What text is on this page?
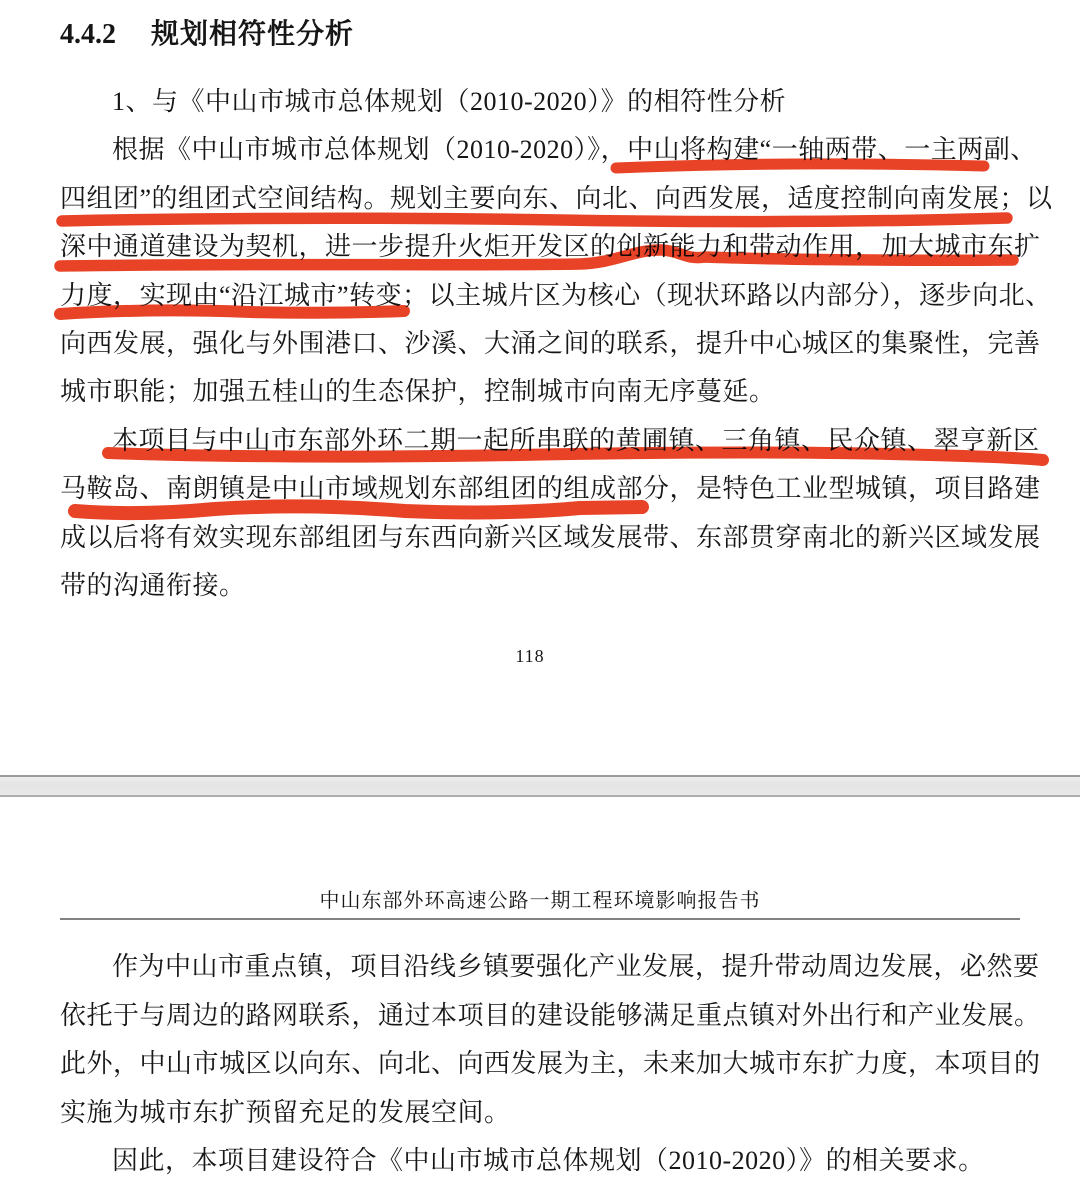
4.4.2 规划相符性分析
1、与《中山市城市总体规划（2010-2020）》的相符性分析
根据《中山市城市总体规划（2010-2020）》，中山将构建“一轴两带、一主两副、
四组团”的组团式空间结构。规划主要向东、向北、向西发展，适度控制向南发展；以
深中通道建设为契机，进一步提升火炬开发区的创新能力和带动作用，加大城市东扩
力度，实现由“沿江城市”转变；以主城片区为核心（现状环路以内部分），逐步向北、
向西发展，强化与外围港口、沙溪、大涌之间的联系，提升中心城区的集聚性，完善
城市职能；加强五桂山的生态保护，控制城市向南无序蔓延。
本项目与中山市东部外环二期一起所串联的黄圃镇、三角镇、民众镇、翠亨新区
马鞍岛、南朗镇是中山市域规划东部组团的组成部分，是特色工业型城镇，项目路建
成以后将有效实现东部组团与东西向新兴区域发展带、东部贯穿南北的新兴区域发展
带的沟通衔接。
118
中山东部外环高速公路一期工程环境影响报告书
作为中山市重点镇，项目沿线乡镇要强化产业发展，提升带动周边发展，必然要
依托于与周边的路网联系，通过本项目的建设能够满足重点镇对外出行和产业发展。
此外，中山市城区以向东、向北、向西发展为主，未来加大城市东扩力度，本项目的
实施为城市东扩预留充足的发展空间。
因此，本项目建设符合《中山市城市总体规划（2010-2020）》的相关要求。
